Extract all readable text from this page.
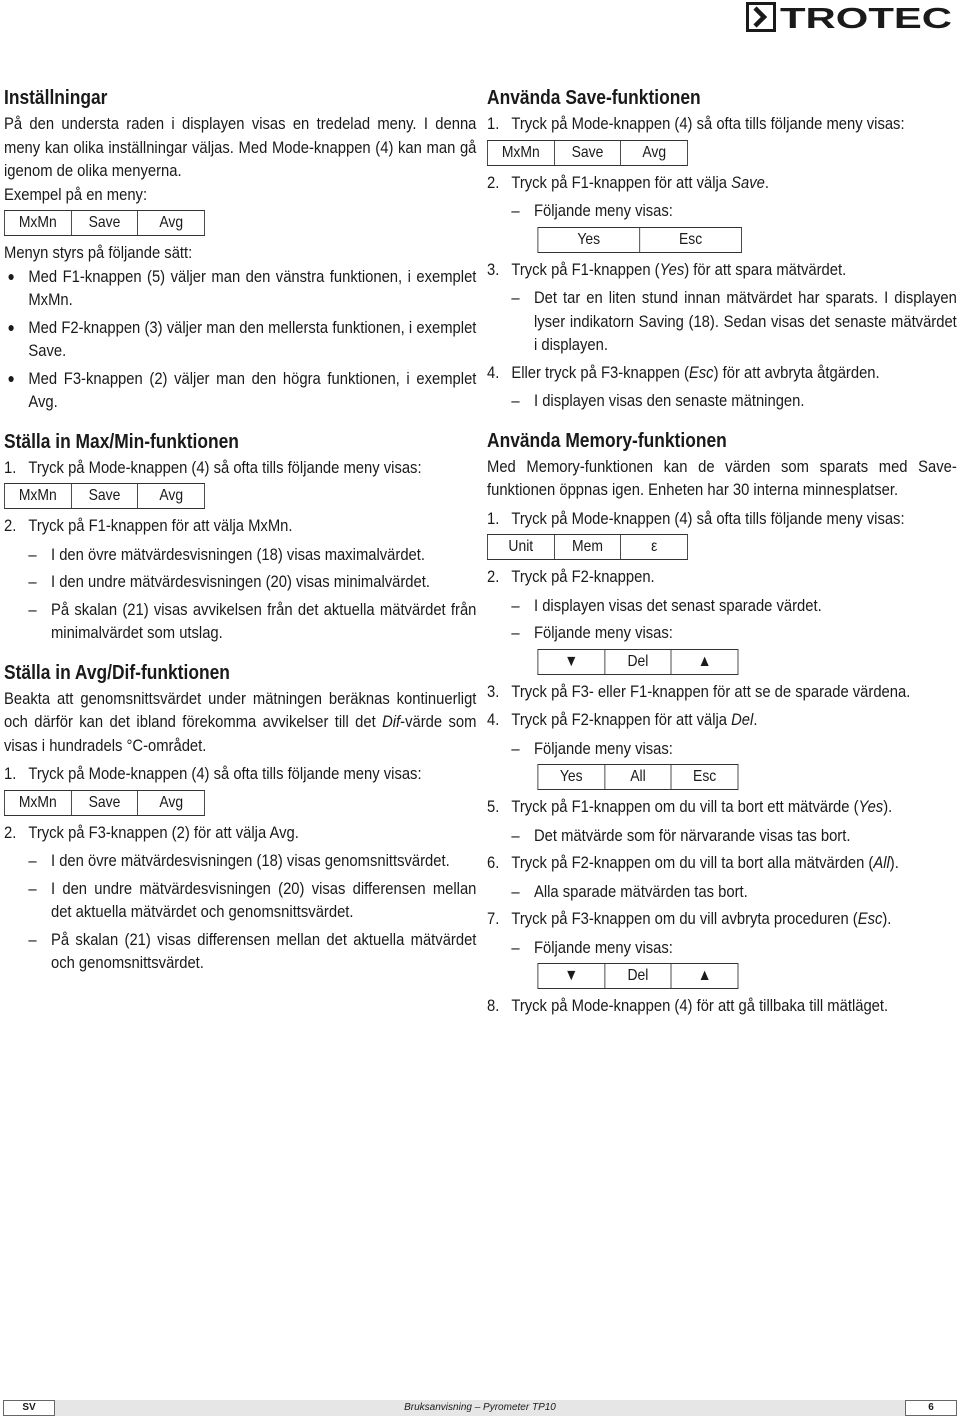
TROTEC
Inställningar

På den understa raden i displayen visas en tredelad meny. I denna meny kan olika inställningar väljas. Med Mode-knappen (4) kan man gå igenom de olika menyerna.

Exempel på en meny:

MxMn	Save	Avg

Menyn styrs på följande sätt:

● Med F1-knappen (5) väljer man den vänstra funktionen, i exemplet MxMn.
● Med F2-knappen (3) väljer man den mellersta funktionen, i exemplet Save.
● Med F3-knappen (2) väljer man den högra funktionen, i exemplet Avg.
Ställa in Max/Min-funktionen
1. Tryck på Mode-knappen (4) så ofta tills följande meny visas:
MxMn	Save	Avg
2. Tryck på F1-knappen för att välja MxMn.
– I den övre mätvärdesvisningen (18) visas maximalvärdet.
– I den undre mätvärdesvisningen (20) visas minimalvärdet.
– På skalan (21) visas avvikelsen från det aktuella mätvärdet från minimalvärdet som utslag.
Ställa in Avg/Dif-funktionen

Beakta att genomsnittsvärdet under mätningen beräknas kontinuerligt och därför kan det ibland förekomma avvikelser till det Dif-värde som visas i hundradels °C-området.

1. Tryck på Mode-knappen (4) så ofta tills följande meny visas:
MxMn	Save	Avg
2. Tryck på F3-knappen (2) för att välja Avg.
– I den övre mätvärdesvisningen (18) visas genomsnittsvärdet.
– I den undre mätvärdesvisningen (20) visas differensen mellan det aktuella mätvärdet och genomsnittsvärdet.
– På skalan (21) visas differensen mellan det aktuella mätvärdet och genomsnittsvärdet.
Använda Save-funktionen
1. Tryck på Mode-knappen (4) så ofta tills följande meny visas:
MxMn	Save	Avg
2. Tryck på F1-knappen för att välja Save.
– Följande meny visas:
Yes	Esc
3. Tryck på F1-knappen (Yes) för att spara mätvärdet.
– Det tar en liten stund innan mätvärdet har sparats. I displayen lyser indikatorn Saving (18). Sedan visas det senaste mätvärdet i displayen.
4. Eller tryck på F3-knappen (Esc) för att avbryta åtgärden.
– I displayen visas den senaste mätningen.
Använda Memory-funktionen

Med Memory-funktionen kan de värden som sparats med Save-funktionen öppnas igen. Enheten har 30 interna minnesplatser.

1. Tryck på Mode-knappen (4) så ofta tills följande meny visas:
Unit	Mem	ε
2. Tryck på F2-knappen.
– I displayen visas det senast sparade värdet.
– Följande meny visas:
▼	Del	▲
3. Tryck på F3- eller F1-knappen för att se de sparade värdena.
4. Tryck på F2-knappen för att välja Del.
– Följande meny visas:
Yes	All	Esc
5. Tryck på F1-knappen om du vill ta bort ett mätvärde (Yes).
– Det mätvärde som för närvarande visas tas bort.
6. Tryck på F2-knappen om du vill ta bort alla mätvärden (All).
– Alla sparade mätvärden tas bort.
7. Tryck på F3-knappen om du vill avbryta proceduren (Esc).
– Följande meny visas:
▼	Del	▲
8. Tryck på Mode-knappen (4) för att gå tillbaka till mätläget.
Bruksanvisning – Pyrometer TP10
SV	6
